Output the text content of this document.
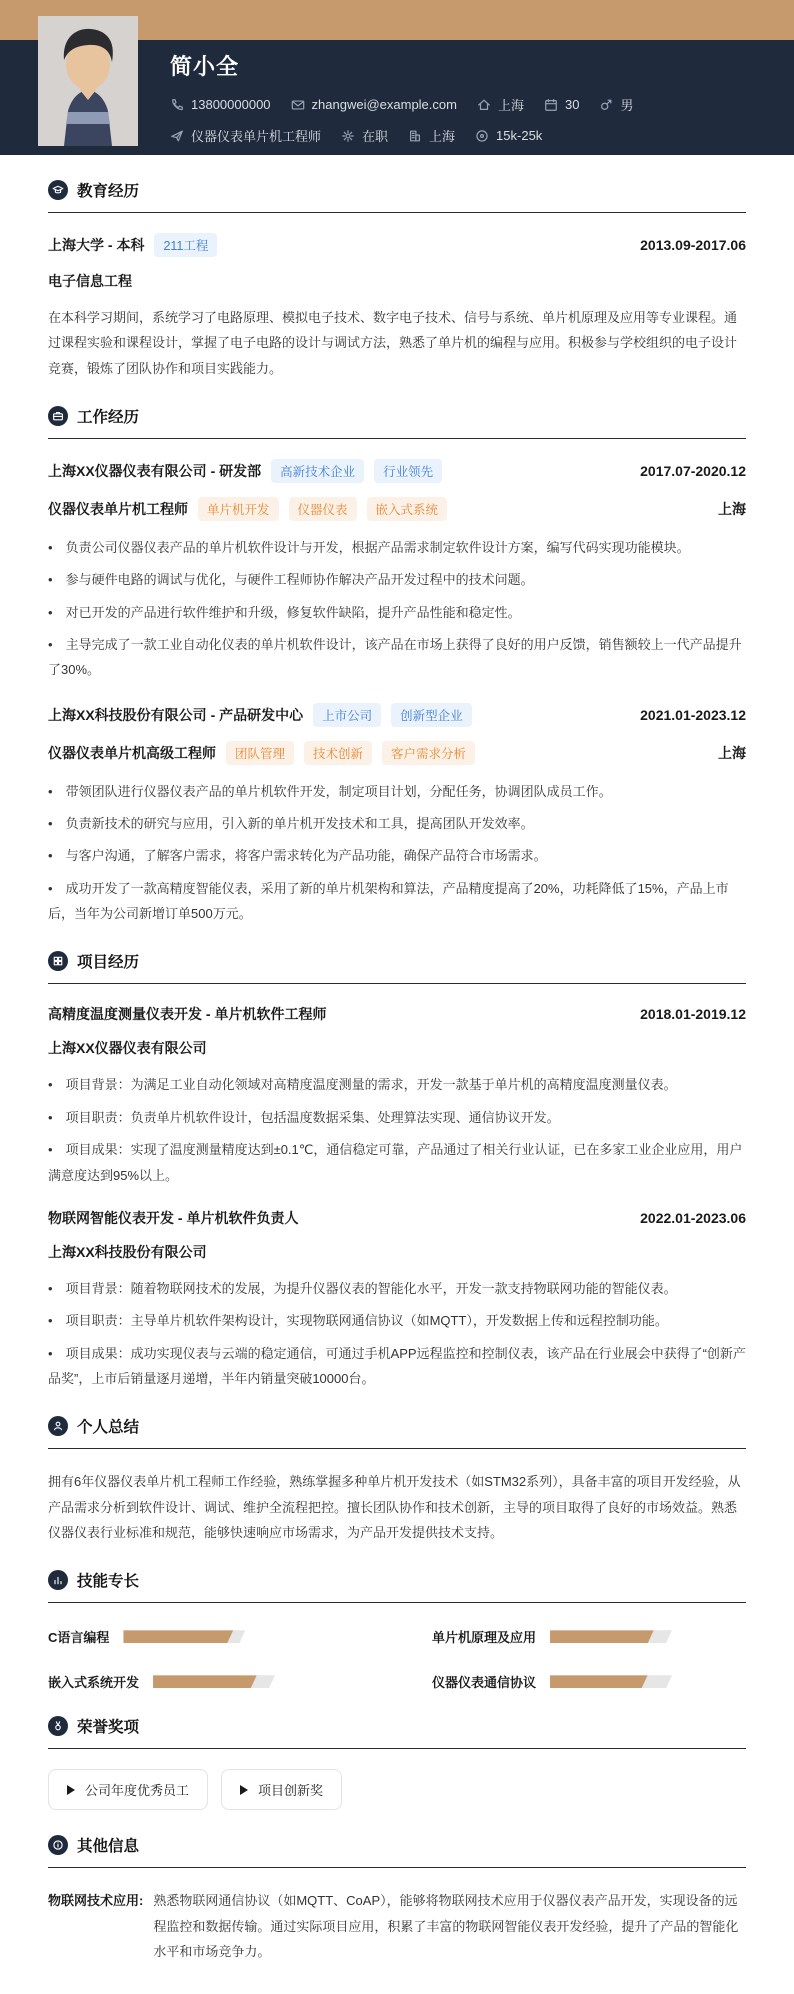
简小全
13800000000	zhangwei@example.com	上海	30	男
仪器仪表单片机工程师	在职	上海	15k-25k
教育经历
上海大学 - 本科	211工程	2013.09-2017.06
电子信息工程

在本科学习期间，系统学习了电路原理、模拟电子技术、数字电子技术、信号与系统、单片机原理及应用等专业课程。通过课程实验和课程设计，掌握了电子电路的设计与调试方法，熟悉了单片机的编程与应用。积极参与学校组织的电子设计竞赛，锻炼了团队协作和项目实践能力。

工作经历
上海XX仪器仪表有限公司 - 研发部	高新技术企业	行业领先	2017.07-2020.12
仪器仪表单片机工程师	单片机开发	仪器仪表	嵌入式系统	上海

• 负责公司仪器仪表产品的单片机软件设计与开发，根据产品需求制定软件设计方案，编写代码实现功能模块。

• 参与硬件电路的调试与优化，与硬件工程师协作解决产品开发过程中的技术问题。

• 对已开发的产品进行软件维护和升级，修复软件缺陷，提升产品性能和稳定性。

• 主导完成了一款工业自动化仪表的单片机软件设计，该产品在市场上获得了良好的用户反馈，销售额较上一代产品提升了30%。

上海XX科技股份有限公司 - 产品研发中心	上市公司	创新型企业	2021.01-2023.12
仪器仪表单片机高级工程师	团队管理	技术创新	客户需求分析	上海

• 带领团队进行仪器仪表产品的单片机软件开发，制定项目计划，分配任务，协调团队成员工作。

• 负责新技术的研究与应用，引入新的单片机开发技术和工具，提高团队开发效率。

• 与客户沟通，了解客户需求，将客户需求转化为产品功能，确保产品符合市场需求。

• 成功开发了一款高精度智能仪表，采用了新的单片机架构和算法，产品精度提高了20%，功耗降低了15%，产品上市后，当年为公司新增订单500万元。

项目经历
高精度温度测量仪表开发 - 单片机软件工程师	2018.01-2019.12
上海XX仪器仪表有限公司

• 项目背景：为满足工业自动化领域对高精度温度测量的需求，开发一款基于单片机的高精度温度测量仪表。

• 项目职责：负责单片机软件设计，包括温度数据采集、处理算法实现、通信协议开发。

• 项目成果：实现了温度测量精度达到±0.1℃，通信稳定可靠，产品通过了相关行业认证，已在多家工业企业应用，用户满意度达到95%以上。

物联网智能仪表开发 - 单片机软件负责人	2022.01-2023.06
上海XX科技股份有限公司

• 项目背景：随着物联网技术的发展，为提升仪器仪表的智能化水平，开发一款支持物联网功能的智能仪表。

• 项目职责：主导单片机软件架构设计，实现物联网通信协议（如MQTT），开发数据上传和远程控制功能。

• 项目成果：成功实现仪表与云端的稳定通信，可通过手机APP远程监控和控制仪表，该产品在行业展会中获得了“创新产品奖”，上市后销量逐月递增，半年内销量突破10000台。

个人总结

拥有6年仪器仪表单片机工程师工作经验，熟练掌握多种单片机开发技术（如STM32系列），具备丰富的项目开发经验，从产品需求分析到软件设计、调试、维护全流程把控。擅长团队协作和技术创新，主导的项目取得了良好的市场效益。熟悉仪器仪表行业标准和规范，能够快速响应市场需求，为产品开发提供技术支持。

技能专长
C语言编程	单片机原理及应用
嵌入式系统开发	仪器仪表通信协议
荣誉奖项
公司年度优秀员工	项目创新奖
其他信息
物联网技术应用: 熟悉物联网通信协议（如MQTT、CoAP），能够将物联网技术应用于仪器仪表产品开发，实现设备的远程监控和数据传输。通过实际项目应用，积累了丰富的物联网智能仪表开发经验，提升了产品的智能化水平和市场竞争力。
